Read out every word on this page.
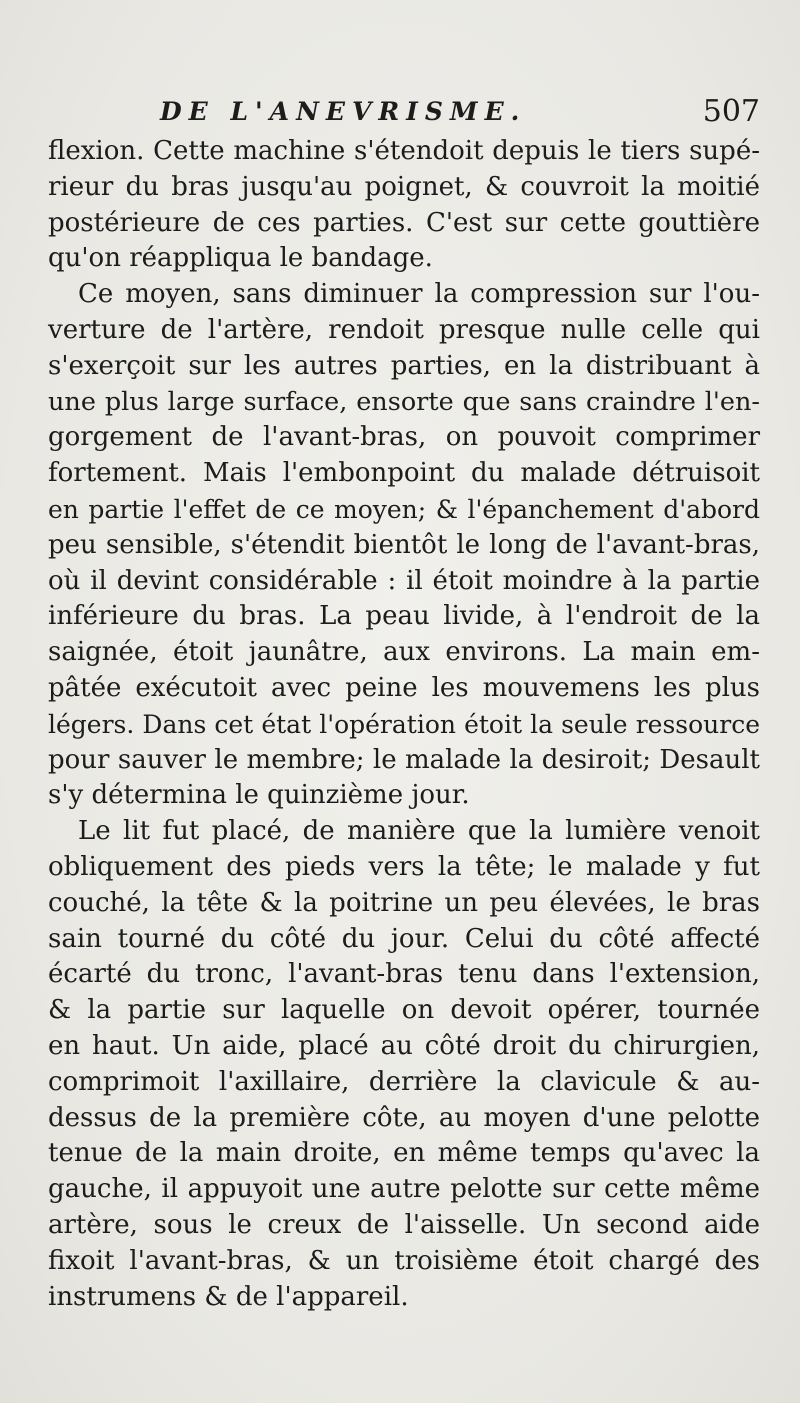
DE L'ANEVRISME.	507
flexion. Cette machine s'étendoit depuis le tiers supé-
rieur du bras jusqu'au poignet, & couvroit la moitié
postérieure de ces parties. C'est sur cette gouttière
qu'on réappliqua le bandage.
Ce moyen, sans diminuer la compression sur l'ou-
verture de l'artère, rendoit presque nulle celle qui
s'exerçoit sur les autres parties, en la distribuant à
une plus large surface, ensorte que sans craindre l'en-
gorgement de l'avant-bras, on pouvoit comprimer
fortement. Mais l'embonpoint du malade détruisoit
en partie l'effet de ce moyen; & l'épanchement d'abord
peu sensible, s'étendit bientôt le long de l'avant-bras,
où il devint considérable : il étoit moindre à la partie
inférieure du bras. La peau livide, à l'endroit de la
saignée, étoit jaunâtre, aux environs. La main em-
pâtée exécutoit avec peine les mouvemens les plus
légers. Dans cet état l'opération étoit la seule ressource
pour sauver le membre; le malade la desiroit; Desault
s'y détermina le quinzième jour.
Le lit fut placé, de manière que la lumière venoit
obliquement des pieds vers la tête; le malade y fut
couché, la tête & la poitrine un peu élevées, le bras
sain tourné du côté du jour. Celui du côté affecté
écarté du tronc, l'avant-bras tenu dans l'extension,
& la partie sur laquelle on devoit opérer, tournée
en haut. Un aide, placé au côté droit du chirurgien,
comprimoit l'axillaire, derrière la clavicule & au-
dessus de la première côte, au moyen d'une pelotte
tenue de la main droite, en même temps qu'avec la
gauche, il appuyoit une autre pelotte sur cette même
artère, sous le creux de l'aisselle. Un second aide
fixoit l'avant-bras, & un troisième étoit chargé des
instrumens & de l'appareil.
